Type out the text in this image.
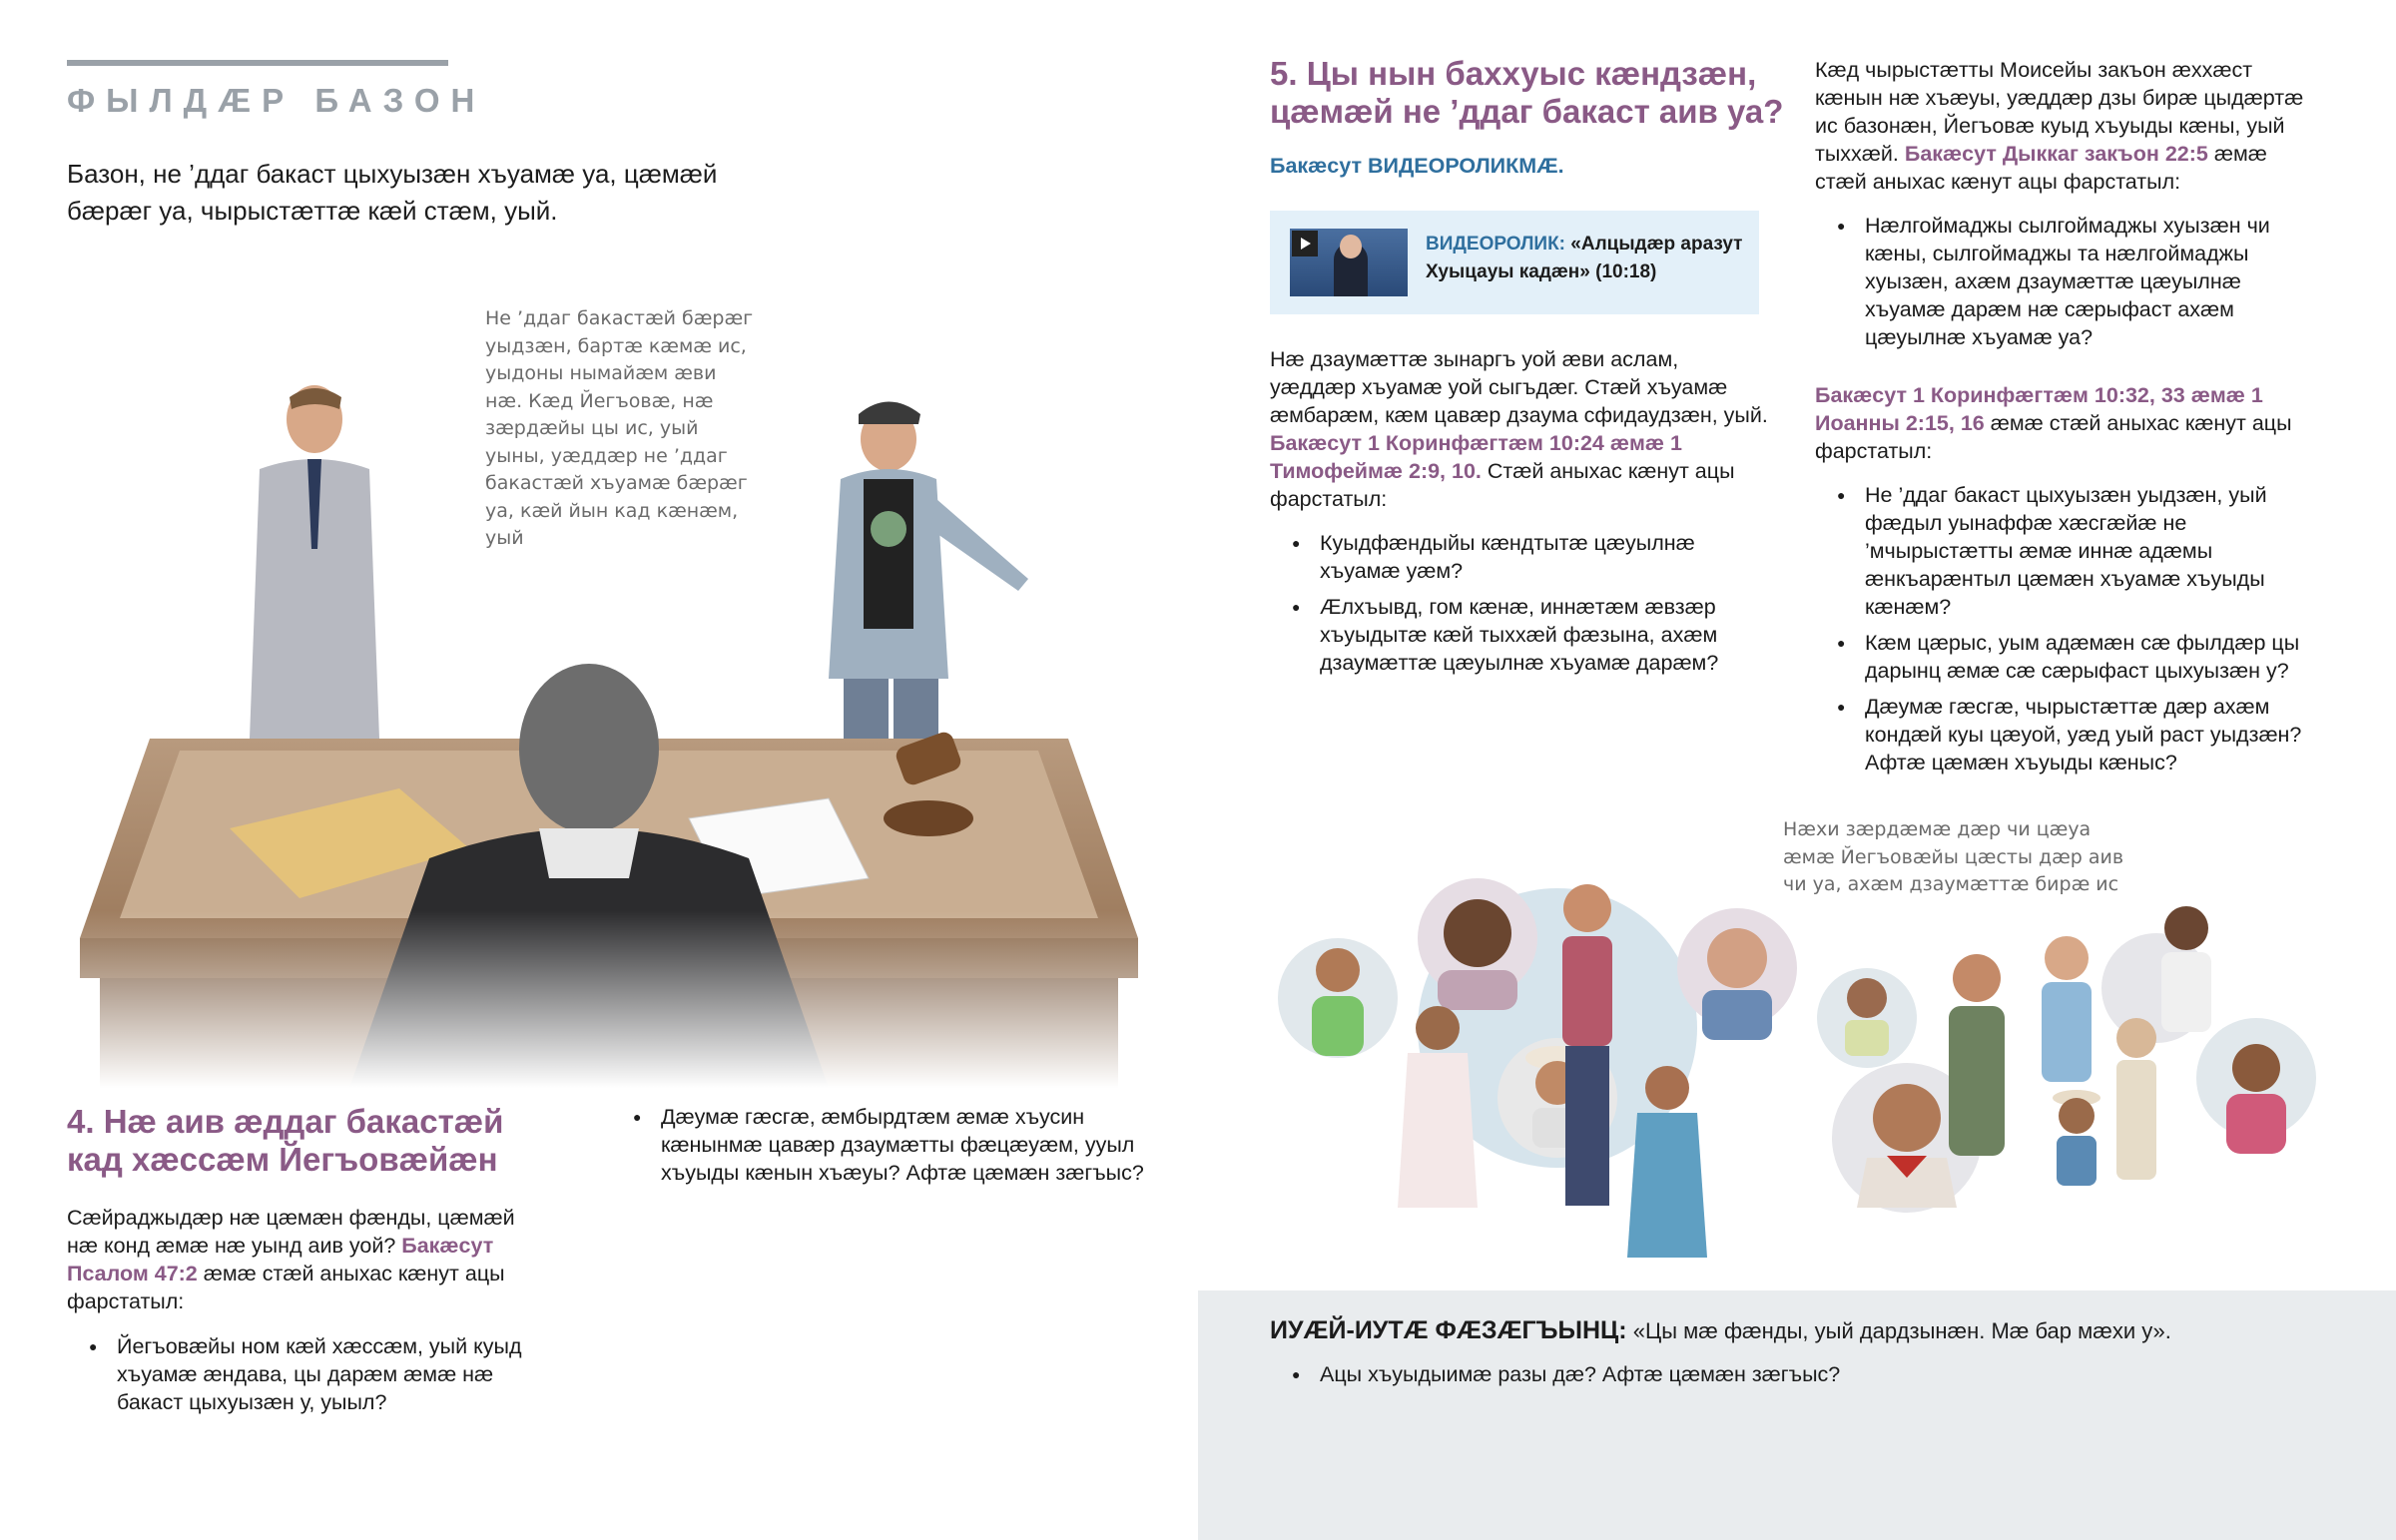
ФЫЛДÆР БАЗОН
Базон, не ’ддаг бакаст цыхуызæн хъуамæ уа, цæмæй бæрæг уа, чырыстæттæ кæй стæм, уый.
Не ’ддаг бакастæй бæрæг уыдзæн, бартæ кæмæ ис, уыдоны нымайæм æви нæ. Кæд Йегъовæ, нæ зæрдæйы цы ис, уый уыны, уæддæр не ’ддаг бакастæй хъуамæ бæрæг уа, кæй йын кад кæнæм, уый
4. Нæ аив æддаг бакастæй кад хæссæм Йегъовæйæн
Сæйраджыдæр нæ цæмæн фæнды, цæмæй нæ конд æмæ нæ уынд аив уой? Бакæсут Псалом 47:2 æмæ стæй аныхас кæнут ацы фарстатыл:
● Йегъовæйы ном кæй хæссæм, уый куыд хъуамæ æндава, цы дарæм æмæ нæ бакаст цыхуызæн у, уыыл?
● Дæумæ гæсгæ, æмбырдтæм æмæ хъусин кæнынмæ цавæр дзаумæтты фæцæуæм, ууыл хъуыды кæнын хъæуы? Афтæ цæмæн зæгъыс?
5. Цы нын баххуыс кæндзæн, цæмæй не ’ддаг бакаст аив уа?
Бакæсут ВИДЕОРОЛИКМÆ.
ВИДЕОРОЛИК: «Алцыдæр аразут Хуыцауы кадæн» (10:18)
Нæ дзаумæттæ зынаргъ уой æви аслам, уæддæр хъуамæ уой сыгъдæг. Стæй хъуамæ æмбарæм, кæм цавæр дзаума сфидаудзæн, уый. Бакæсут 1 Коринфæгтæм 10:24 æмæ 1 Тимофеймæ 2:9, 10. Стæй аныхас кæнут ацы фарстатыл:
● Куыдфæндыйы кæндтытæ цæуылнæ хъуамæ уæм?
● Æлхъывд, гом кæнæ, иннæтæм æвзæр хъуыдытæ кæй тыххæй фæзына, ахæм дзаумæттæ цæуылнæ хъуамæ дарæм?
Кæд чырыстæтты Моисейы закъон æххæст кæнын нæ хъæуы, уæддæр дзы бирæ цыдæртæ ис базонæн, Йегъовæ куыд хъуыды кæны, уый тыххæй. Бакæсут Дыккаг закъон 22:5 æмæ стæй аныхас кæнут ацы фарстатыл:
● Нæлгоймаджы сылгоймаджы хуызæн чи кæны, сылгоймаджы та нæлгоймаджы хуызæн, ахæм дзаумæттæ цæуылнæ хъуамæ дарæм нæ сæрыфаст ахæм цæуылнæ хъуамæ уа?
Бакæсут 1 Коринфæгтæм 10:32, 33 æмæ 1 Иоанны 2:15, 16 æмæ стæй аныхас кæнут ацы фарстатыл:
● Не ’ддаг бакаст цыхуызæн уыдзæн, уый фæдыл уынаффæ хæсгæйæ не ’мчырыстæтты æмæ иннæ адæмы æнкъарæнтыл цæмæн хъуамæ хъуыды кæнæм?
● Кæм цæрыс, уым адæмæн сæ фылдæр цы дарынц æмæ сæ сæрыфаст цыхуызæн у?
● Дæумæ гæсгæ, чырыстæттæ дæр ахæм кондæй куы цæуой, уæд уый раст уыдзæн? Афтæ цæмæн хъуыды кæныс?
Нæхи зæрдæмæ дæр чи цæуа æмæ Йегъовæйы цæсты дæр аив чи уа, ахæм дзаумæттæ бирæ ис
ИУÆЙ-ИУТÆ ФÆЗÆГЪЫНЦ: «Цы мæ фæнды, уый дардзынæн. Мæ бар мæхи у».
● Ацы хъуыдыимæ разы дæ? Афтæ цæмæн зæгъыс?
